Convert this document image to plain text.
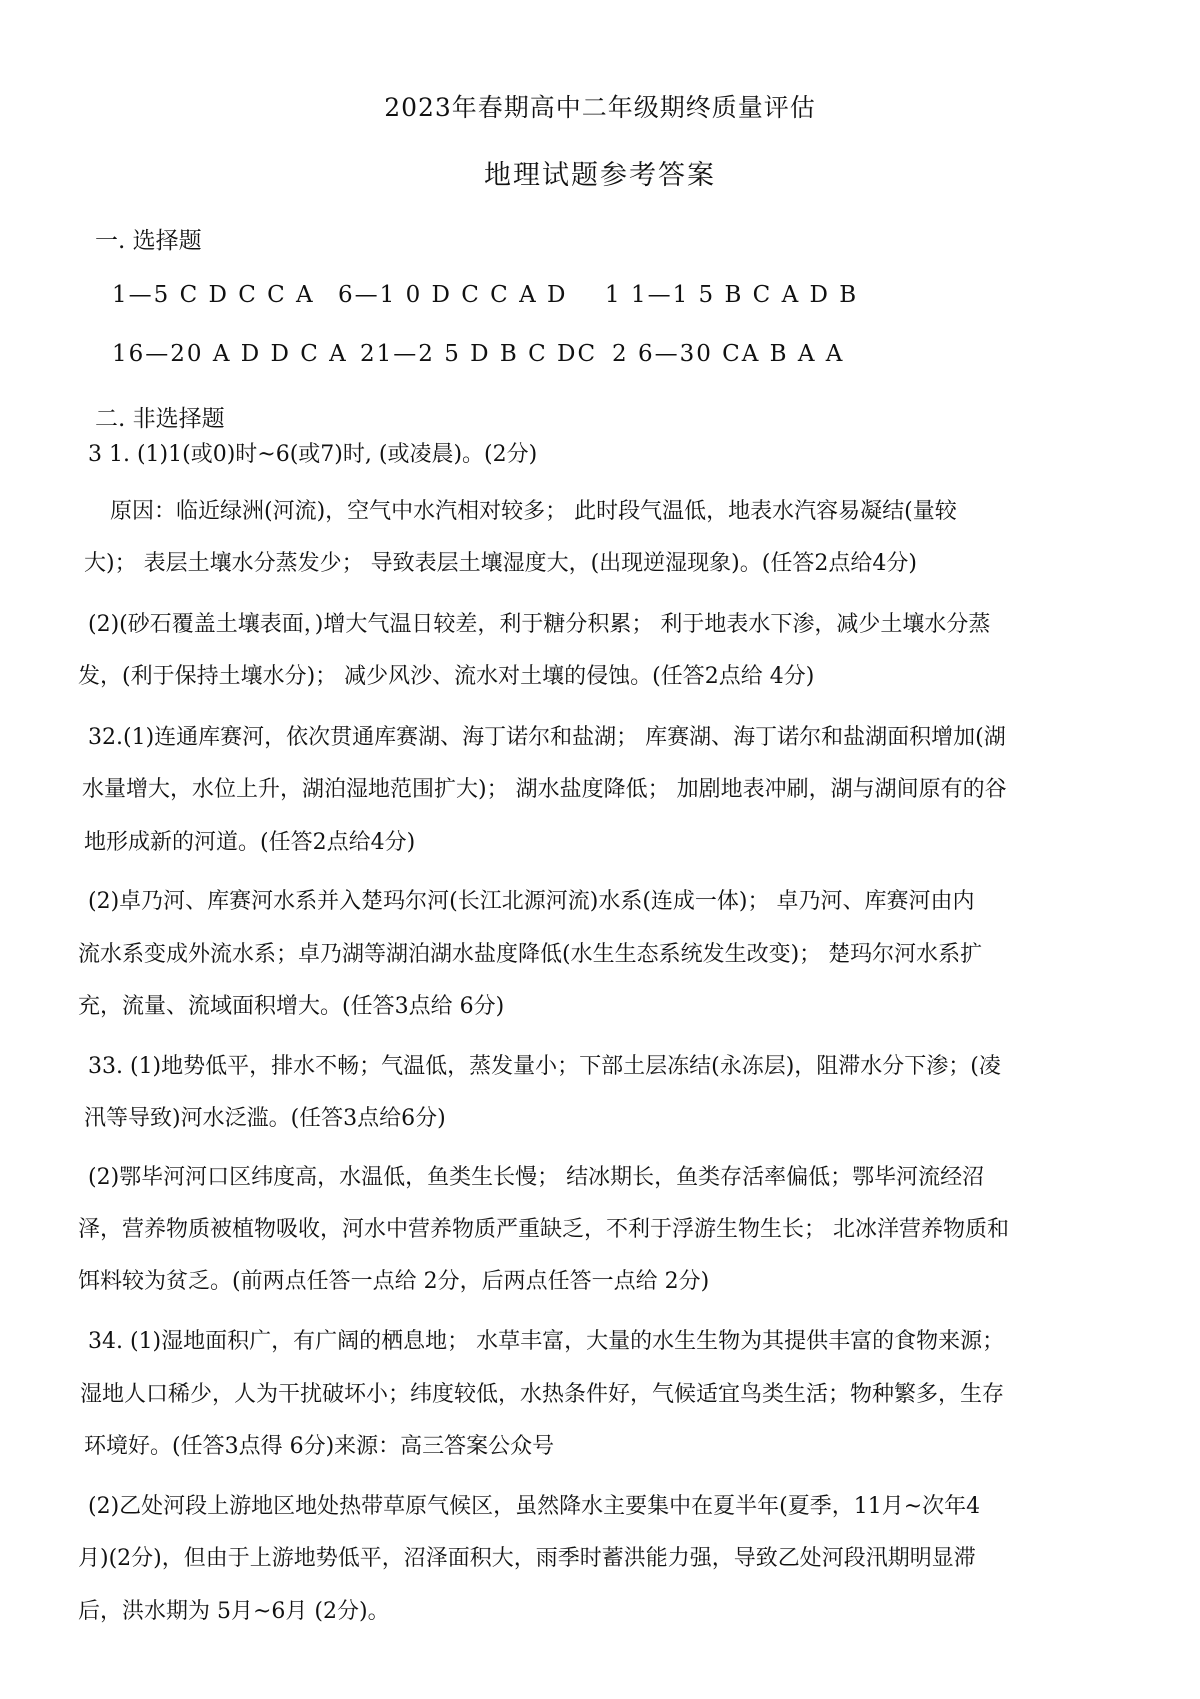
2023年春期高中二年级期终质量评估
地理试题参考答案
一. 选择题
1—5 C D C C A 6—1 0 D C C A D 1 1—1 5 B C A D B
16—20 A D D C A 21—2 5 D B C DC 2 6—30 CA B A A
二. 非选择题
3 1. (1)1(或0)时~6(或7)时, (或凌晨)。(2分)
原因：临近绿洲(河流)，空气中水汽相对较多； 此时段气温低，地表水汽容易凝结(量较
大)； 表层土壤水分蒸发少； 导致表层土壤湿度大，(出现逆湿现象)。(任答2点给4分)
(2)(砂石覆盖土壤表面，)增大气温日较差，利于糖分积累； 利于地表水下渗，减少土壤水分蒸
发，(利于保持土壤水分)； 减少风沙、流水对土壤的侵蚀。(任答2点给 4分)
32.(1)连通库赛河，依次贯通库赛湖、海丁诺尔和盐湖； 库赛湖、海丁诺尔和盐湖面积增加(湖
水量增大，水位上升，湖泊湿地范围扩大)； 湖水盐度降低； 加剧地表冲刷，湖与湖间原有的谷
地形成新的河道。(任答2点给4分)
(2)卓乃河、库赛河水系并入楚玛尔河(长江北源河流)水系(连成一体)； 卓乃河、库赛河由内
流水系变成外流水系；卓乃湖等湖泊湖水盐度降低(水生生态系统发生改变)； 楚玛尔河水系扩
充，流量、流域面积增大。(任答3点给 6分)
33. (1)地势低平，排水不畅；气温低，蒸发量小；下部土层冻结(永冻层)，阻滞水分下渗；(凌
汛等导致)河水泛滥。(任答3点给6分)
(2)鄂毕河河口区纬度高，水温低，鱼类生长慢； 结冰期长，鱼类存活率偏低；鄂毕河流经沼
泽，营养物质被植物吸收，河水中营养物质严重缺乏，不利于浮游生物生长； 北冰洋营养物质和
饵料较为贫乏。(前两点任答一点给 2分，后两点任答一点给 2分)
34. (1)湿地面积广，有广阔的栖息地； 水草丰富，大量的水生生物为其提供丰富的食物来源；
湿地人口稀少，人为干扰破坏小；纬度较低，水热条件好，气候适宜鸟类生活；物种繁多，生存
环境好。(任答3点得 6分)来源：高三答案公众号
(2)乙处河段上游地区地处热带草原气候区，虽然降水主要集中在夏半年(夏季，11月~次年4
月)(2分)，但由于上游地势低平，沼泽面积大，雨季时蓄洪能力强，导致乙处河段汛期明显滞
后，洪水期为 5月~6月 (2分)。
